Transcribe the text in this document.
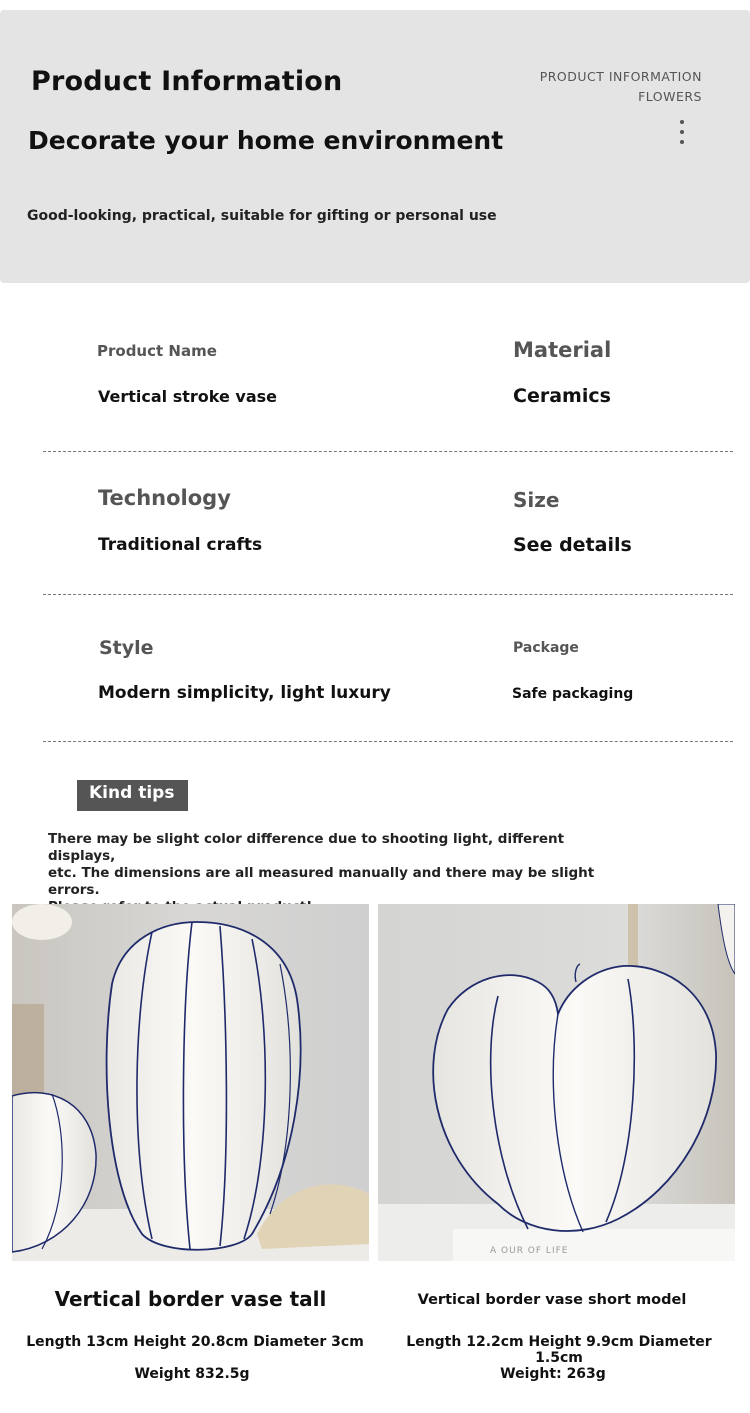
Product Information
Decorate your home environment
Good-looking, practical, suitable for gifting or personal use
PRODUCT INFORMATION
FLOWERS
Product Name
Vertical stroke vase
Material
Ceramics
Technology
Traditional crafts
Size
See details
Style
Modern simplicity, light luxury
Package
Safe packaging
Kind tips
There may be slight color difference due to shooting light, different displays,
etc. The dimensions are all measured manually and there may be slight errors.
A OUR OF LIFE
Vertical border vase tall
Length 13cm Height 20.8cm Diameter 3cm
Weight 832.5g
Vertical border vase short model
Length 12.2cm Height 9.9cm Diameter 1.5cm
Weight: 263g
